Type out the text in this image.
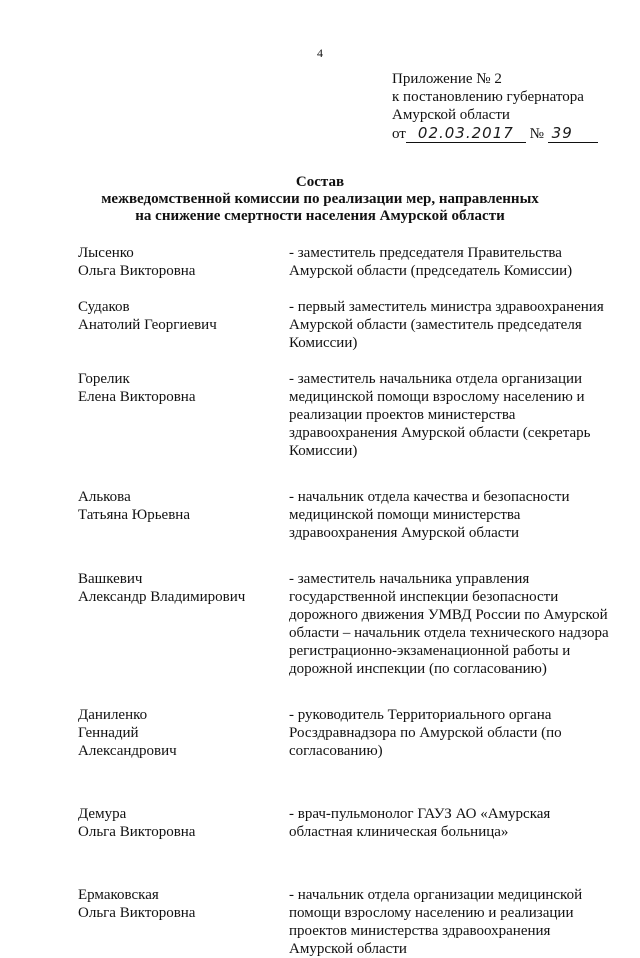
4
Приложение № 2
к постановлению губернатора
Амурской области
от 02.03.2017 № 39
Состав
межведомственной комиссии по реализации мер, направленных
на снижение смертности населения Амурской области
Лысенко
Ольга Викторовна
- заместитель председателя Правительства
Амурской области (председатель Комиссии)
Судаков
Анатолий Георгиевич
- первый заместитель министра здравоохранения
Амурской области (заместитель председателя
Комиссии)
Горелик
Елена Викторовна
- заместитель начальника отдела организации
медицинской помощи взрослому населению и
реализации проектов министерства
здравоохранения Амурской области (секретарь
Комиссии)
Алькова
Татьяна Юрьевна
- начальник отдела качества и безопасности
медицинской помощи министерства
здравоохранения Амурской области
Вашкевич
Александр Владимирович
- заместитель начальника управления
государственной инспекции безопасности
дорожного движения УМВД России по Амурской
области – начальник отдела технического надзора
регистрационно-экзаменационной работы и
дорожной инспекции (по согласованию)
Даниленко
Геннадий
Александрович
- руководитель Территориального органа
Росздравнадзора по Амурской области (по
согласованию)
Демура
Ольга Викторовна
- врач-пульмонолог ГАУЗ АО «Амурская
областная клиническая больница»
Ермаковская
Ольга Викторовна
- начальник отдела организации медицинской
помощи взрослому населению и реализации
проектов министерства здравоохранения
Амурской области
